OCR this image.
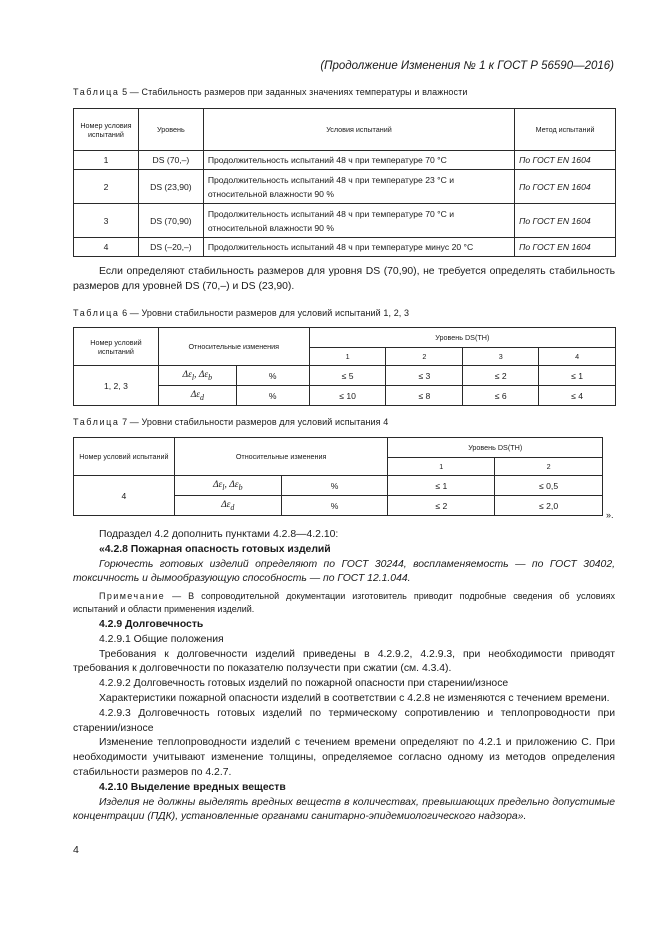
(Продолжение Изменения № 1 к ГОСТ Р 56590—2016)
Таблица 5 — Стабильность размеров при заданных значениях температуры и влажности
Номер условия испытаний	Уровень	Условия испытаний	Метод испытаний
1	DS (70,–)	Продолжительность испытаний 48 ч при температуре 70 °С	По ГОСТ EN 1604
2	DS (23,90)	Продолжительность испытаний 48 ч при температуре 23 °С и относительной влажности 90 %	По ГОСТ EN 1604
3	DS (70,90)	Продолжительность испытаний 48 ч при температуре 70 °С и относительной влажности 90 %	По ГОСТ EN 1604
4	DS (–20,–)	Продолжительность испытаний 48 ч при температуре минус 20 °С	По ГОСТ EN 1604

Если определяют стабильность размеров для уровня DS (70,90), не требуется определять стабильность размеров для уровней DS (70,–) и DS (23,90).

Таблица 6 — Уровни стабильности размеров для условий испытаний 1, 2, 3
Номер условий испытаний	Относительные изменения		Уровень DS(TH)			
			1	2	3	4
1, 2, 3	$\Delta\varepsilon_l$, $\Delta\varepsilon_b$	%	≤ 5	≤ 3	≤ 2	≤ 1
	$\Delta\varepsilon_d$	%	≤ 10	≤ 8	≤ 6	≤ 4
Таблица 7 — Уровни стабильности размеров для условий испытания 4
Номер условий испытаний	Относительные изменения		Уровень DS(TH)	
			1	2
4	$\Delta\varepsilon_l$, $\Delta\varepsilon_b$	%	≤ 1	≤ 0,5
	$\Delta\varepsilon_d$	%	≤ 2	≤ 2,0
».

Подраздел 4.2 дополнить пунктами 4.2.8—4.2.10:

«4.2.8 Пожарная опасность готовых изделий

Горючесть готовых изделий определяют по ГОСТ 30244, воспламеняемость — по ГОСТ 30402, токсичность и дымообразующую способность — по ГОСТ 12.1.044.

Примечание — В сопроводительной документации изготовитель приводит подробные сведения об условиях испытаний и области применения изделий.

4.2.9 Долговечность

4.2.9.1 Общие положения

Требования к долговечности изделий приведены в 4.2.9.2, 4.2.9.3, при необходимости приводят требования к долговечности по показателю ползучести при сжатии (см. 4.3.4).

4.2.9.2 Долговечность готовых изделий по пожарной опасности при старении/износе

Характеристики пожарной опасности изделий в соответствии с 4.2.8 не изменяются с течением времени.

4.2.9.3 Долговечность готовых изделий по термическому сопротивлению и теплопроводности при старении/износе

Изменение теплопроводности изделий с течением времени определяют по 4.2.1 и приложению С. При необходимости учитывают изменение толщины, определяемое согласно одному из методов определения стабильности размеров по 4.2.7.

4.2.10 Выделение вредных веществ

Изделия не должны выделять вредных веществ в количествах, превышающих предельно допустимые концентрации (ПДК), установленные органами санитарно-эпидемиологического надзора».

4
